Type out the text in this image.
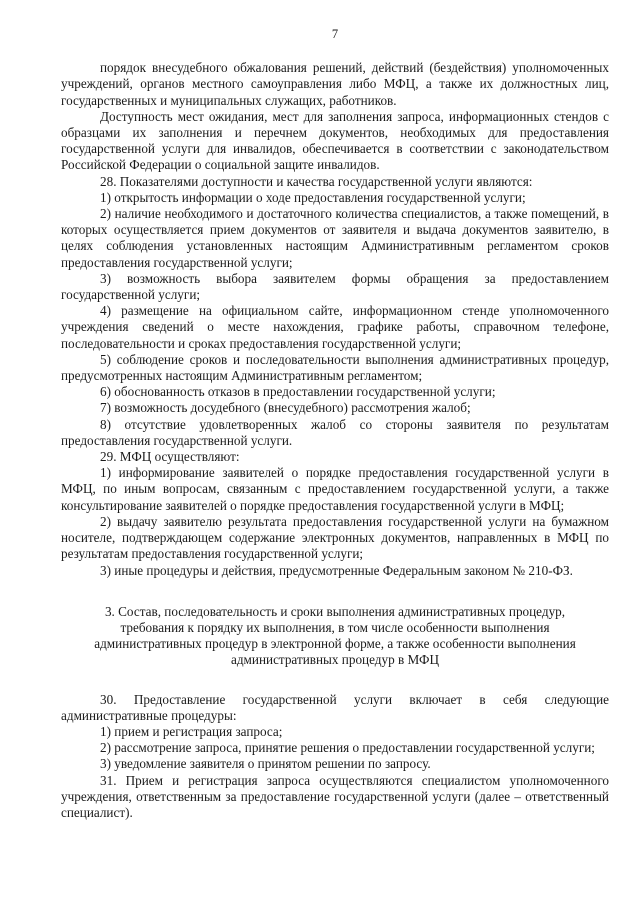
7

порядок внесудебного обжалования решений, действий (бездействия) уполномоченных учреждений, органов местного самоуправления либо МФЦ, а также их должностных лиц, государственных и муниципальных служащих, работников.

Доступность мест ожидания, мест для заполнения запроса, информационных стендов с образцами их заполнения и перечнем документов, необходимых для предоставления государственной услуги для инвалидов, обеспечивается в соответствии с законодательством Российской Федерации о социальной защите инвалидов.

28. Показателями доступности и качества государственной услуги являются:

1) открытость информации о ходе предоставления государственной услуги;

2) наличие необходимого и достаточного количества специалистов, а также помещений, в которых осуществляется прием документов от заявителя и выдача документов заявителю, в целях соблюдения установленных настоящим Административным регламентом сроков предоставления государственной услуги;

3) возможность выбора заявителем формы обращения за предоставлением государственной услуги;

4) размещение на официальном сайте, информационном стенде уполномоченного учреждения сведений о месте нахождения, графике работы, справочном телефоне, последовательности и сроках предоставления государственной услуги;

5) соблюдение сроков и последовательности выполнения административных процедур, предусмотренных настоящим Административным регламентом;

6) обоснованность отказов в предоставлении государственной услуги;

7) возможность досудебного (внесудебного) рассмотрения жалоб;

8) отсутствие удовлетворенных жалоб со стороны заявителя по результатам предоставления государственной услуги.

29. МФЦ осуществляют:

1) информирование заявителей о порядке предоставления государственной услуги в МФЦ, по иным вопросам, связанным с предоставлением государственной услуги, а также консультирование заявителей о порядке предоставления государственной услуги в МФЦ;

2) выдачу заявителю результата предоставления государственной услуги на бумажном носителе, подтверждающем содержание электронных документов, направленных в МФЦ по результатам предоставления государственной услуги;

3) иные процедуры и действия, предусмотренные Федеральным законом № 210-ФЗ.

3. Состав, последовательность и сроки выполнения административных процедур,
требования к порядку их выполнения, в том числе особенности выполнения
административных процедур в электронной форме, а также особенности выполнения
административных процедур в МФЦ

30. Предоставление государственной услуги включает в себя следующие административные процедуры:

1) прием и регистрация запроса;

2) рассмотрение запроса, принятие решения о предоставлении государственной услуги;

3) уведомление заявителя о принятом решении по запросу.

31. Прием и регистрация запроса осуществляются специалистом уполномоченного учреждения, ответственным за предоставление государственной услуги (далее – ответственный специалист).
